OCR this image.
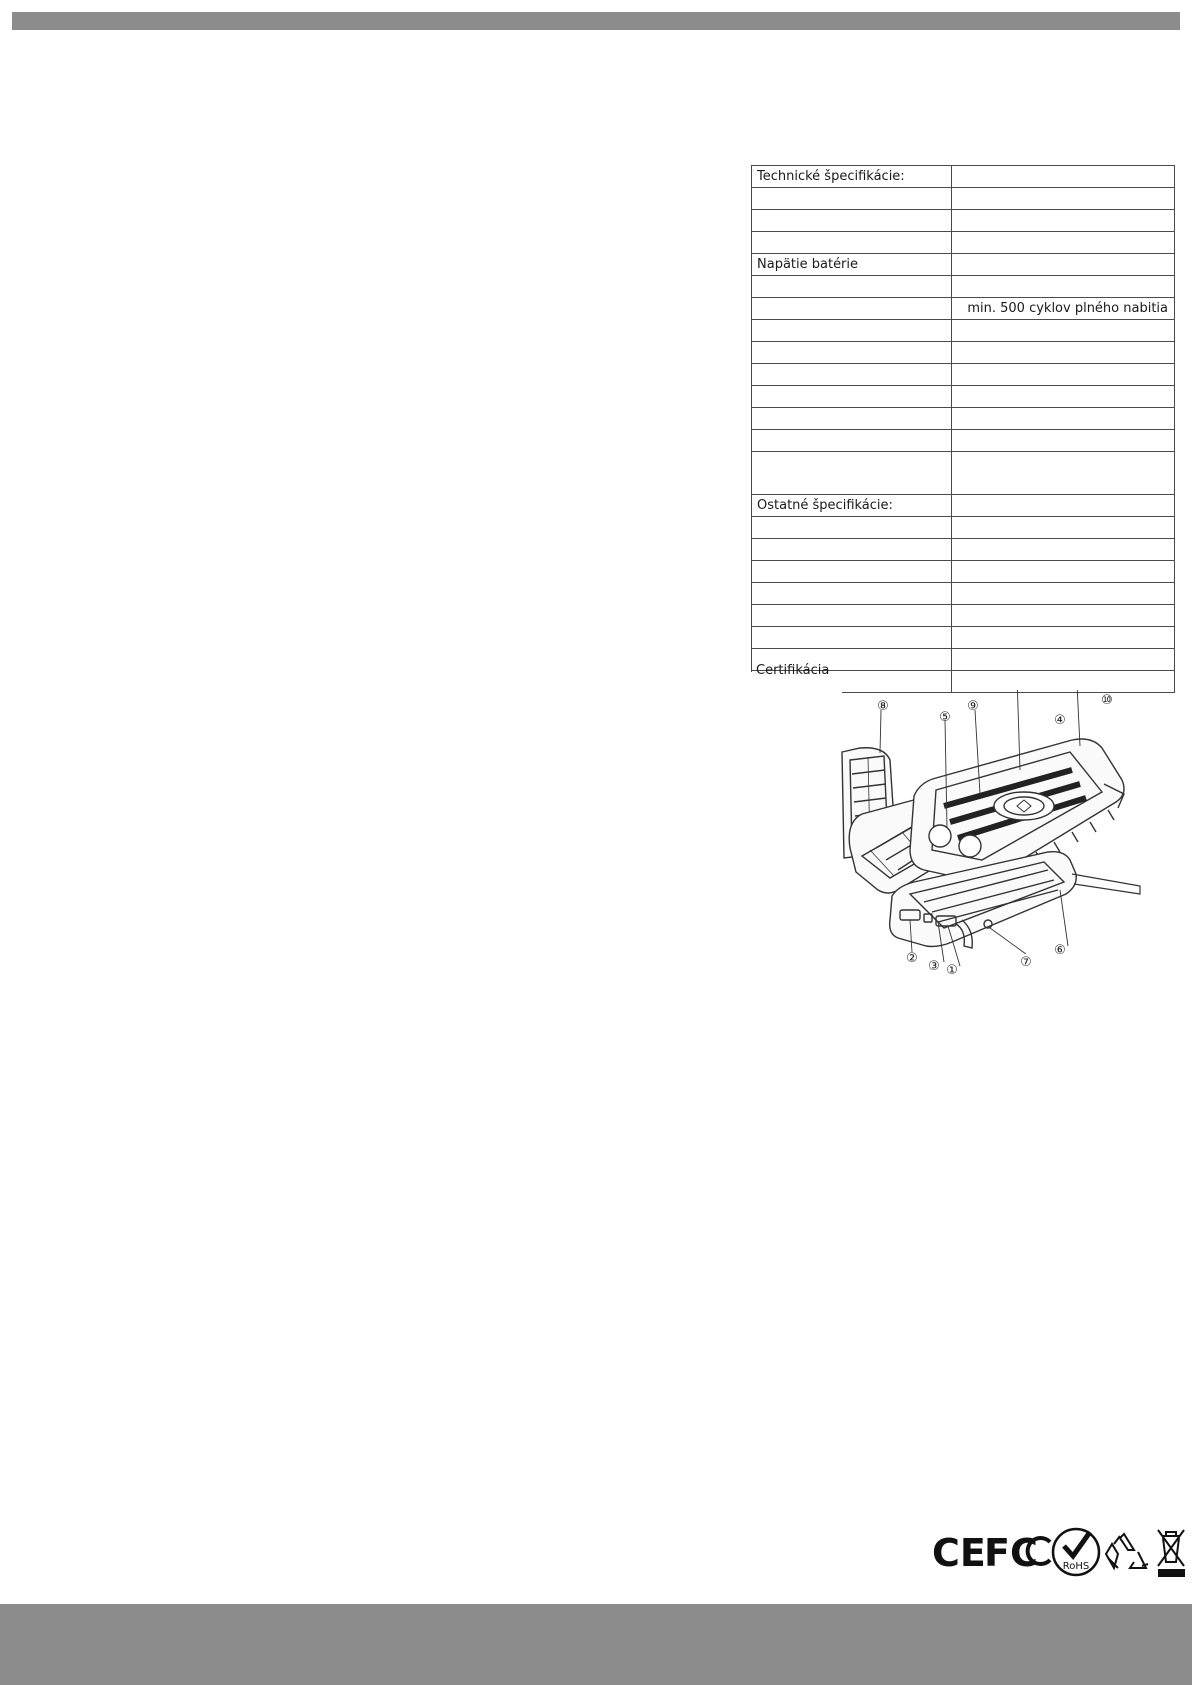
Technické špecifikácie:	

Napätie batérie	

	min. 500 cyklov plného nabitia

Ostatné špecifikácie:	

Certifikácia
⑧
⑤
⑨
⑥
⑦
②
③ ①
④
⑩
CE
FC RoHS
